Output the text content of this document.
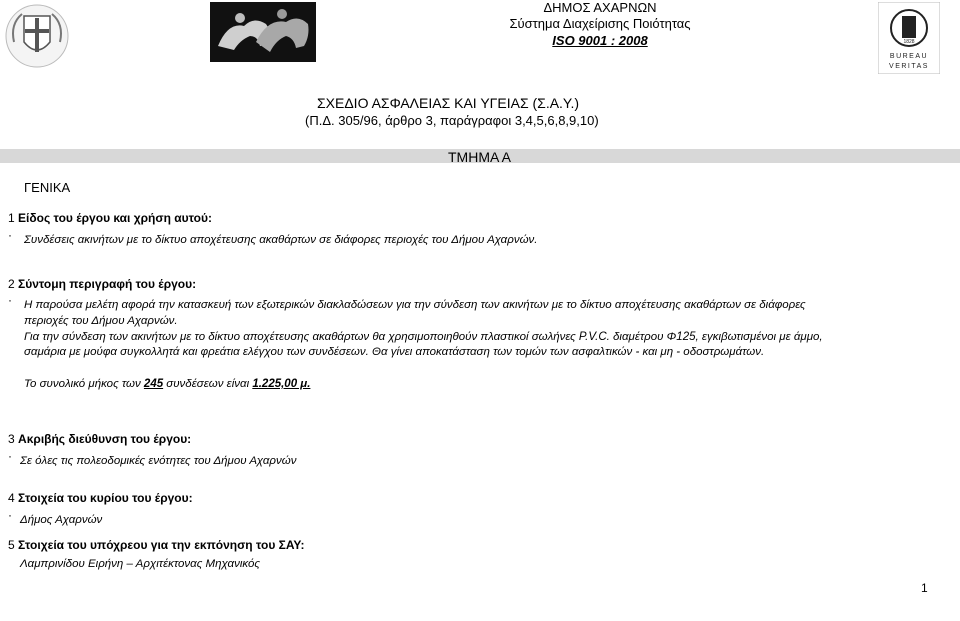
1828
BUREAU
VERITAS
ΔΗΜΟΣ ΑΧΑΡΝΩΝ
Σύστημα Διαχείρισης Ποιότητας
ISO 9001 : 2008
ΣΧΕΔΙΟ ΑΣΦΑΛΕΙΑΣ ΚΑΙ ΥΓΕΙΑΣ (Σ.Α.Υ.)
(Π.Δ. 305/96, άρθρο 3, παράγραφοι 3,4,5,6,8,9,10)
ΤΜΗΜΑ Α
ΓΕΝΙΚΑ
1 Είδος του έργου και χρήση αυτού:
· Συνδέσεις ακινήτων με το δίκτυο αποχέτευσης ακαθάρτων σε διάφορες περιοχές του Δήμου Αχαρνών.
2 Σύντομη περιγραφή του έργου:
· Η παρούσα μελέτη αφορά την κατασκευή των εξωτερικών διακλαδώσεων για την σύνδεση των ακινήτων με το δίκτυο αποχέτευσης ακαθάρτων σε διάφορες
περιοχές του Δήμου Αχαρνών.
Για την σύνδεση των ακινήτων με το δίκτυο αποχέτευσης ακαθάρτων θα χρησιμοποιηθούν πλαστικοί σωλήνες P.V.C. διαμέτρου Φ125, εγκιβωτισμένοι με άμμο,
σαμάρια με μούφα συγκολλητά και φρεάτια ελέγχου των συνδέσεων. Θα γίνει αποκατάσταση των τομών των ασφαλτικών - και μη - οδοστρωμάτων.
Το συνολικό μήκος των 245 συνδέσεων είναι 1.225,00 μ.
3 Ακριβής διεύθυνση του έργου:
· Σε όλες τις πολεοδομικές ενότητες του Δήμου Αχαρνών
4 Στοιχεία του κυρίου του έργου:
· Δήμος Αχαρνών
5 Στοιχεία του υπόχρεου για την εκπόνηση του ΣΑΥ:
Λαμπρινίδου Ειρήνη – Αρχιτέκτονας Μηχανικός
1
